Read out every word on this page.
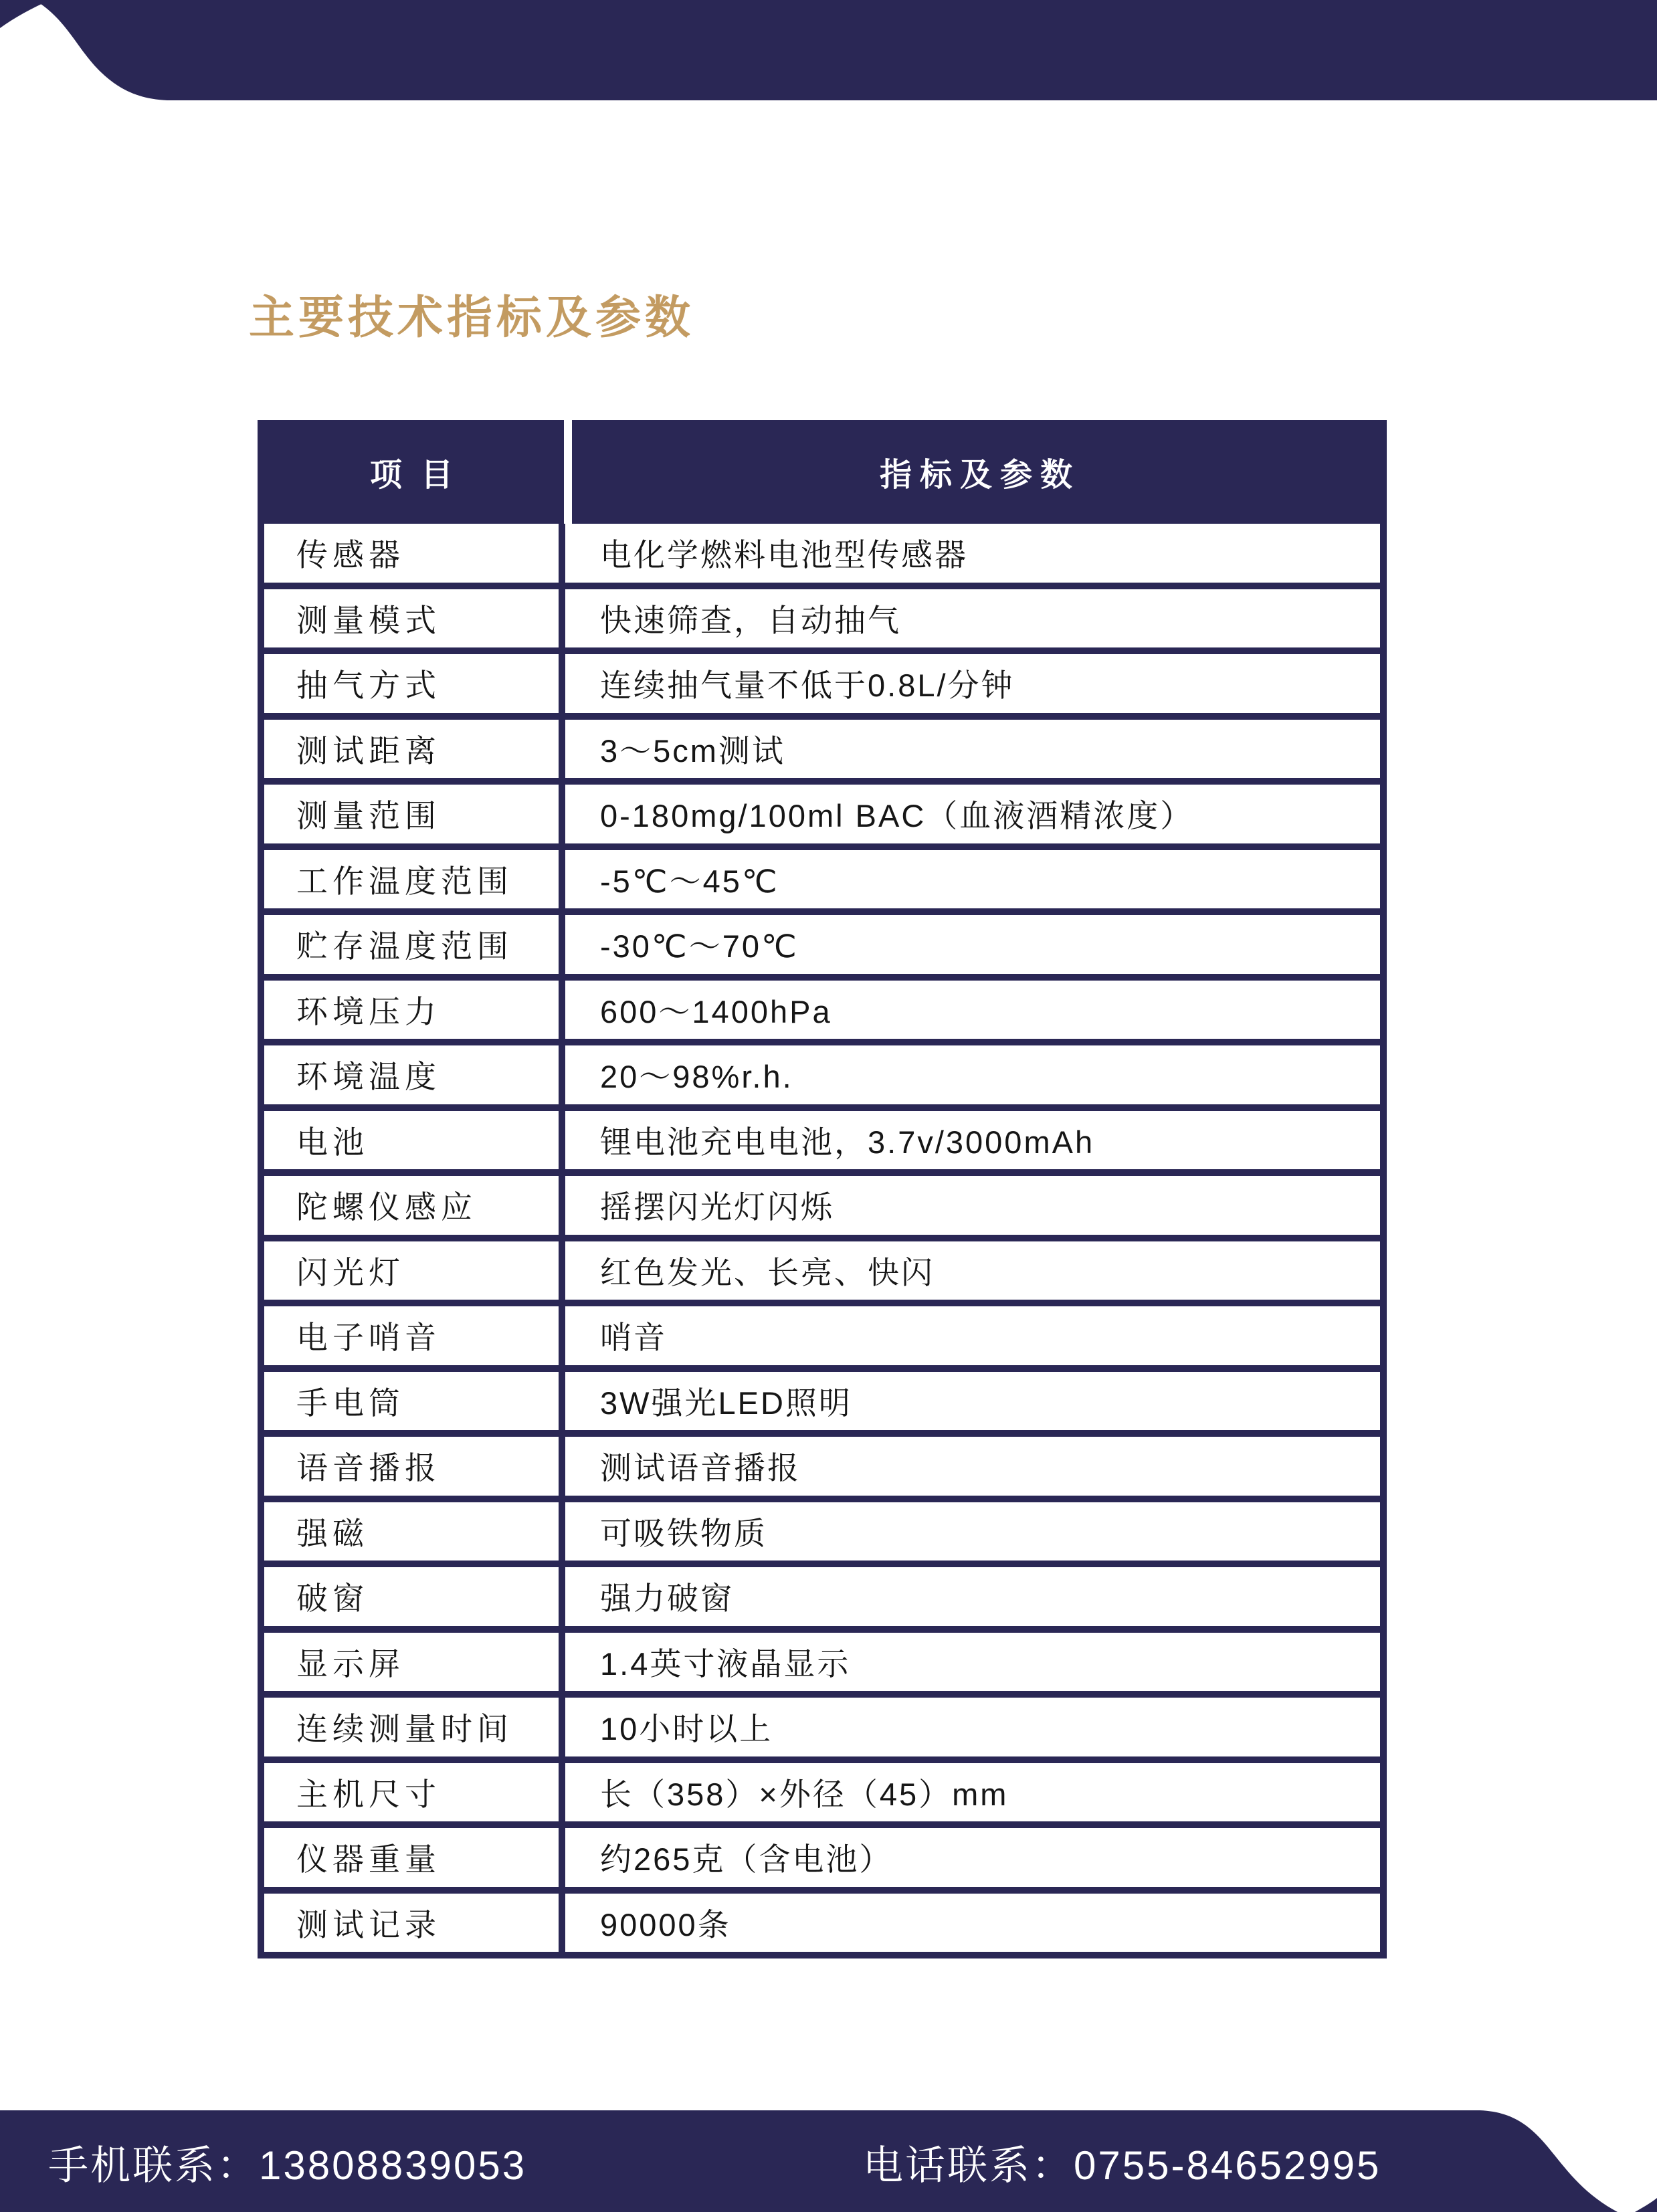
主要技术指标及参数
项目	指标及参数
传感器	电化学燃料电池型传感器
测量模式	快速筛查，自动抽气
抽气方式	连续抽气量不低于0.8L/分钟
测试距离	3～5cm测试
测量范围	0-180mg/100ml BAC（血液酒精浓度）
工作温度范围	-5℃～45℃
贮存温度范围	-30℃～70℃
环境压力	600～1400hPa
环境温度	20～98%r.h.
电池	锂电池充电电池，3.7v/3000mAh
陀螺仪感应	摇摆闪光灯闪烁
闪光灯	红色发光、长亮、快闪
电子哨音	哨音
手电筒	3W强光LED照明
语音播报	测试语音播报
强磁	可吸铁物质
破窗	强力破窗
显示屏	1.4英寸液晶显示
连续测量时间	10小时以上
主机尺寸	长（358）×外径（45）mm
仪器重量	约265克（含电池）
测试记录	90000条
手机联系：13808839053	电话联系：0755-84652995
